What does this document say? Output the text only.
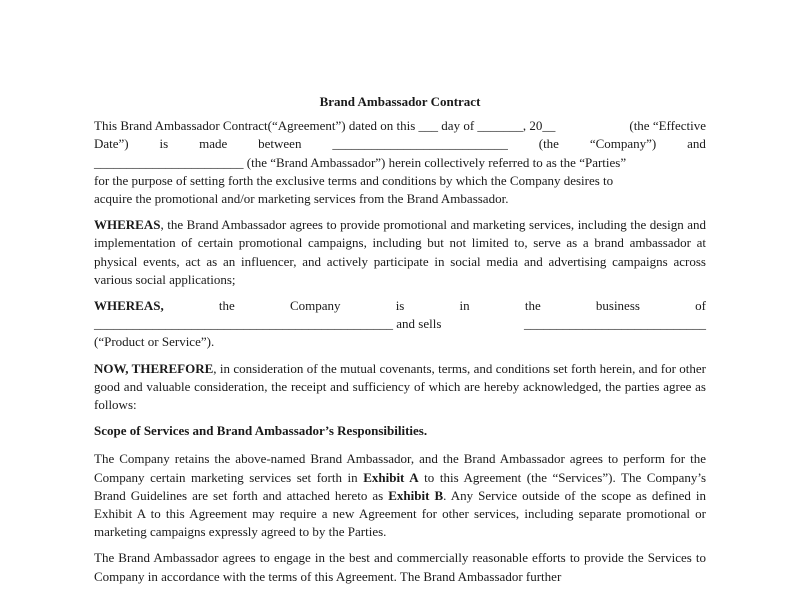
Brand Ambassador Contract
This Brand Ambassador Contract(“Agreement”) dated on this ___ day of _______, 20__	(the “Effective
Date”) is made between ___________________________ (the “Company”) and
_______________________ (the “Brand Ambassador”) herein collectively referred to as the “Parties”
for the purpose of setting forth the exclusive terms and conditions by which the Company desires to
acquire the promotional and/or marketing services from the Brand Ambassador.

WHEREAS, the Brand Ambassador agrees to provide promotional and marketing services, including the design and implementation of certain promotional campaigns, including but not limited to, serve as a brand ambassador at physical events, act as an influencer, and actively participate in social media and advertising campaigns across various social applications;

WHEREAS,	the	Company	is	in	the	business	of
______________________________________________ and sells	____________________________
(“Product or Service”).

NOW, THEREFORE, in consideration of the mutual covenants, terms, and conditions set forth herein, and for other good and valuable consideration, the receipt and sufficiency of which are hereby acknowledged, the parties agree as follows:

Scope of Services and Brand Ambassador’s Responsibilities.

The Company retains the above-named Brand Ambassador, and the Brand Ambassador agrees to perform for the Company certain marketing services set forth in Exhibit A to this Agreement (the “Services”). The Company’s Brand Guidelines are set forth and attached hereto as Exhibit B. Any Service outside of the scope as defined in Exhibit A to this Agreement may require a new Agreement for other services, including separate promotional or marketing campaigns expressly agreed to by the Parties.

The Brand Ambassador agrees to engage in the best and commercially reasonable efforts to provide the Services to Company in accordance with the terms of this Agreement. The Brand Ambassador further
